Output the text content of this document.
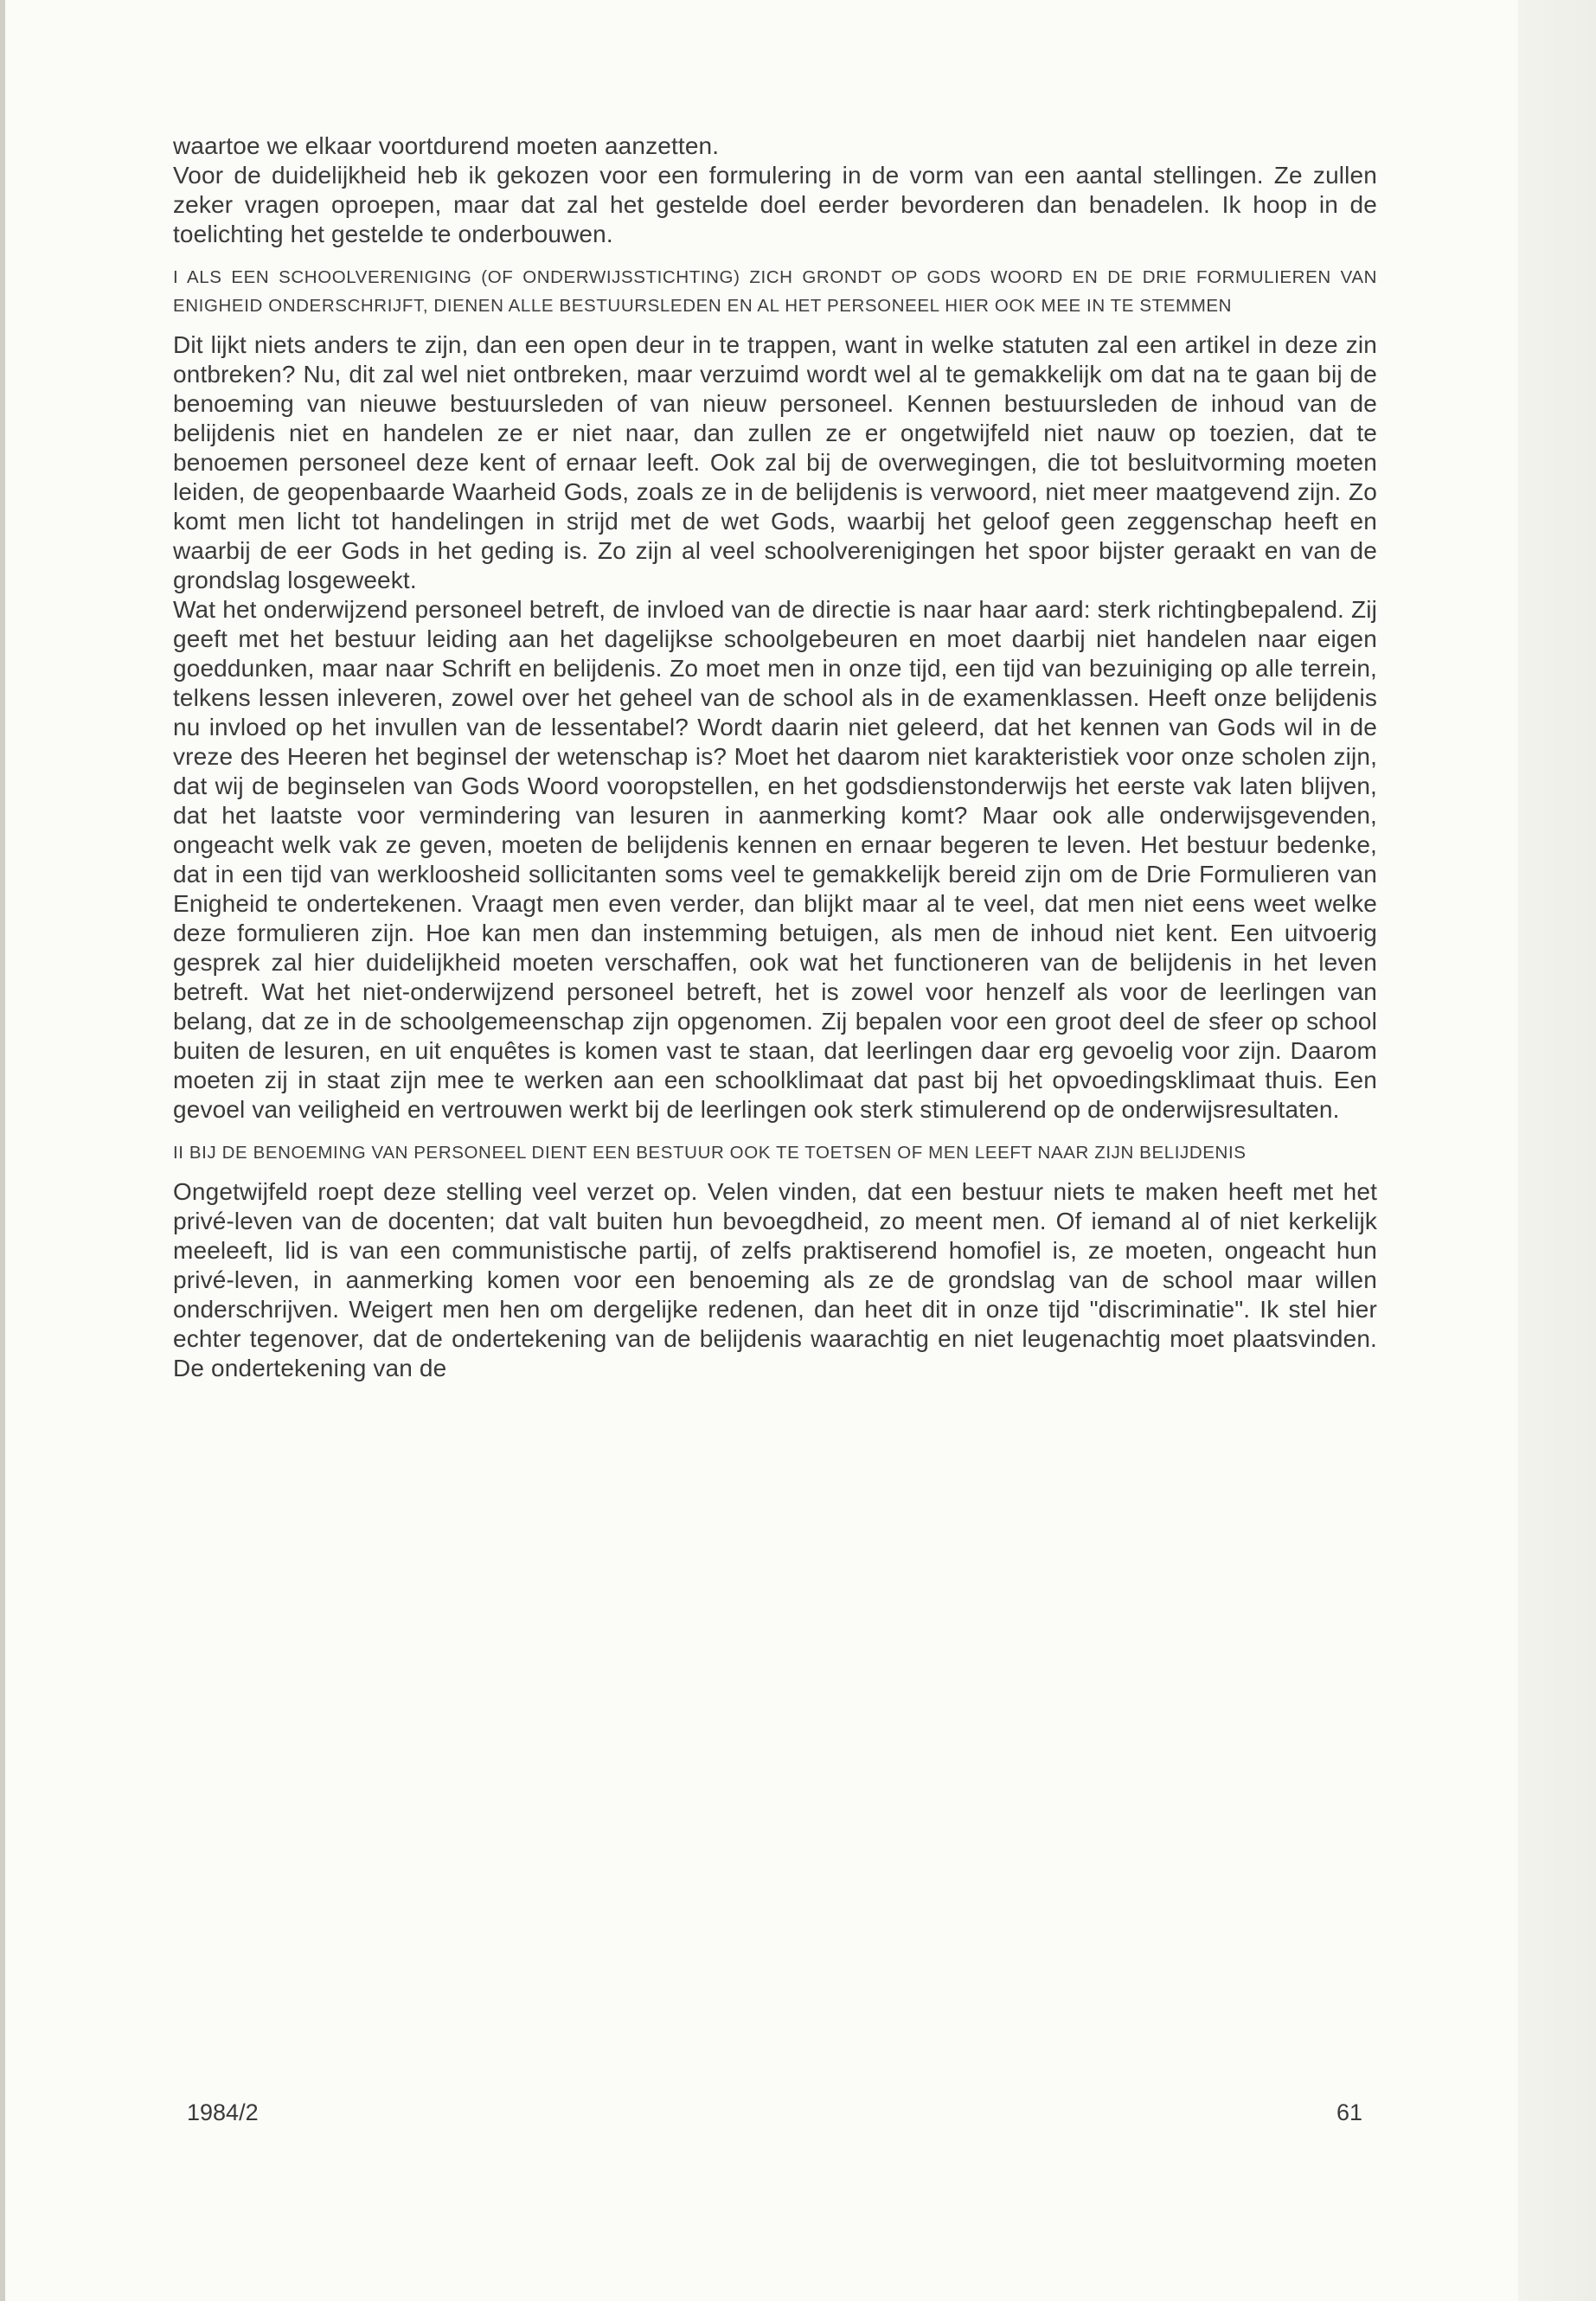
waartoe we elkaar voortdurend moeten aanzetten.

Voor de duidelijkheid heb ik gekozen voor een formulering in de vorm van een aantal stellingen. Ze zullen zeker vragen oproepen, maar dat zal het gestelde doel eerder bevorderen dan benadelen. Ik hoop in de toelichting het gestelde te onderbouwen.

I ALS EEN SCHOOLVERENIGING (OF ONDERWIJSSTICHTING) ZICH GRONDT OP GODS WOORD EN DE DRIE FORMULIEREN VAN ENIGHEID ONDERSCHRIJFT, DIENEN ALLE BESTUURSLEDEN EN AL HET PERSONEEL HIER OOK MEE IN TE STEMMEN

Dit lijkt niets anders te zijn, dan een open deur in te trappen, want in welke statuten zal een artikel in deze zin ontbreken? Nu, dit zal wel niet ontbreken, maar verzuimd wordt wel al te gemakkelijk om dat na te gaan bij de benoeming van nieuwe bestuursleden of van nieuw personeel. Kennen bestuursleden de inhoud van de belijdenis niet en handelen ze er niet naar, dan zullen ze er ongetwijfeld niet nauw op toezien, dat te benoemen personeel deze kent of ernaar leeft. Ook zal bij de overwegingen, die tot besluitvorming moeten leiden, de geopenbaarde Waarheid Gods, zoals ze in de belijdenis is verwoord, niet meer maatgevend zijn. Zo komt men licht tot handelingen in strijd met de wet Gods, waarbij het geloof geen zeggenschap heeft en waarbij de eer Gods in het geding is. Zo zijn al veel schoolverenigingen het spoor bijster geraakt en van de grondslag losgeweekt.

Wat het onderwijzend personeel betreft, de invloed van de directie is naar haar aard: sterk richtingbepalend. Zij geeft met het bestuur leiding aan het dagelijkse schoolgebeuren en moet daarbij niet handelen naar eigen goeddunken, maar naar Schrift en belijdenis. Zo moet men in onze tijd, een tijd van bezuiniging op alle terrein, telkens lessen inleveren, zowel over het geheel van de school als in de examenklassen. Heeft onze belijdenis nu invloed op het invullen van de lessentabel? Wordt daarin niet geleerd, dat het kennen van Gods wil in de vreze des Heeren het beginsel der wetenschap is? Moet het daarom niet karakteristiek voor onze scholen zijn, dat wij de beginselen van Gods Woord vooropstellen, en het godsdienstonderwijs het eerste vak laten blijven, dat het laatste voor vermindering van lesuren in aanmerking komt? Maar ook alle onderwijsgevenden, ongeacht welk vak ze geven, moeten de belijdenis kennen en ernaar begeren te leven. Het bestuur bedenke, dat in een tijd van werkloosheid sollicitanten soms veel te gemakkelijk bereid zijn om de Drie Formulieren van Enigheid te ondertekenen. Vraagt men even verder, dan blijkt maar al te veel, dat men niet eens weet welke deze formulieren zijn. Hoe kan men dan instemming betuigen, als men de inhoud niet kent. Een uitvoerig gesprek zal hier duidelijkheid moeten verschaffen, ook wat het functioneren van de belijdenis in het leven betreft. Wat het niet-onderwijzend personeel betreft, het is zowel voor henzelf als voor de leerlingen van belang, dat ze in de schoolgemeenschap zijn opgenomen. Zij bepalen voor een groot deel de sfeer op school buiten de lesuren, en uit enquêtes is komen vast te staan, dat leerlingen daar erg gevoelig voor zijn. Daarom moeten zij in staat zijn mee te werken aan een schoolklimaat dat past bij het opvoedingsklimaat thuis. Een gevoel van veiligheid en vertrouwen werkt bij de leerlingen ook sterk stimulerend op de onderwijsresultaten.

II BIJ DE BENOEMING VAN PERSONEEL DIENT EEN BESTUUR OOK TE TOETSEN OF MEN LEEFT NAAR ZIJN BELIJDENIS

Ongetwijfeld roept deze stelling veel verzet op. Velen vinden, dat een bestuur niets te maken heeft met het privé-leven van de docenten; dat valt buiten hun bevoegdheid, zo meent men. Of iemand al of niet kerkelijk meeleeft, lid is van een communistische partij, of zelfs praktiserend homofiel is, ze moeten, ongeacht hun privé-leven, in aanmerking komen voor een benoeming als ze de grondslag van de school maar willen onderschrijven. Weigert men hen om dergelijke redenen, dan heet dit in onze tijd "discriminatie". Ik stel hier echter tegenover, dat de ondertekening van de belijdenis waarachtig en niet leugenachtig moet plaatsvinden. De ondertekening van de

1984/2	61
